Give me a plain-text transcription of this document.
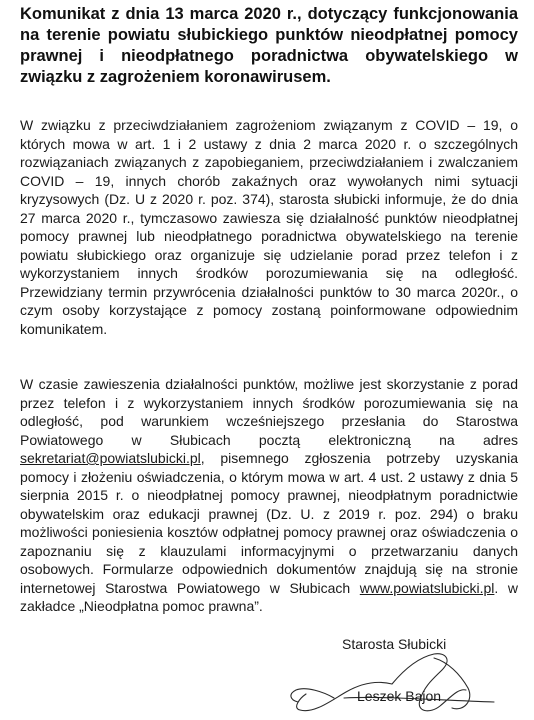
Komunikat z dnia 13 marca 2020 r., dotyczący funkcjonowania na terenie powiatu słubickiego punktów nieodpłatnej pomocy prawnej i nieodpłatnego poradnictwa obywatelskiego w związku z zagrożeniem koronawirusem.

W związku z przeciwdziałaniem zagrożeniom związanym z COVID – 19, o których mowa w art. 1 i 2 ustawy z dnia 2 marca 2020 r. o szczególnych rozwiązaniach związanych z zapobieganiem, przeciwdziałaniem i zwalczaniem COVID – 19, innych chorób zakaźnych oraz wywołanych nimi sytuacji kryzysowych (Dz. U z 2020 r. poz. 374), starosta słubicki informuje, że do dnia 27 marca 2020 r., tymczasowo zawiesza się działalność punktów nieodpłatnej pomocy prawnej lub nieodpłatnego poradnictwa obywatelskiego na terenie powiatu słubickiego oraz organizuje się udzielanie porad przez telefon i z wykorzystaniem innych środków porozumiewania się na odległość. Przewidziany termin przywrócenia działalności punktów to 30 marca 2020r., o czym osoby korzystające z pomocy zostaną poinformowane odpowiednim komunikatem.

W czasie zawieszenia działalności punktów, możliwe jest skorzystanie z porad przez telefon i z wykorzystaniem innych środków porozumiewania się na odległość, pod warunkiem wcześniejszego przesłania do Starostwa Powiatowego w Słubicach pocztą elektroniczną na adres sekretariat@powiatslubicki.pl, pisemnego zgłoszenia potrzeby uzyskania pomocy i złożeniu oświadczenia, o którym mowa w art. 4 ust. 2 ustawy z dnia 5 sierpnia 2015 r. o nieodpłatnej pomocy prawnej, nieodpłatnym poradnictwie obywatelskim oraz edukacji prawnej (Dz. U. z 2019 r. poz. 294) o braku możliwości poniesienia kosztów odpłatnej pomocy prawnej oraz oświadczenia o zapoznaniu się z klauzulami informacyjnymi o przetwarzaniu danych osobowych. Formularze odpowiednich dokumentów znajdują się na stronie internetowej Starostwa Powiatowego w Słubicach www.powiatslubicki.pl. w zakładce „Nieodpłatna pomoc prawna”.

Starosta Słubicki

Leszek Bajon
